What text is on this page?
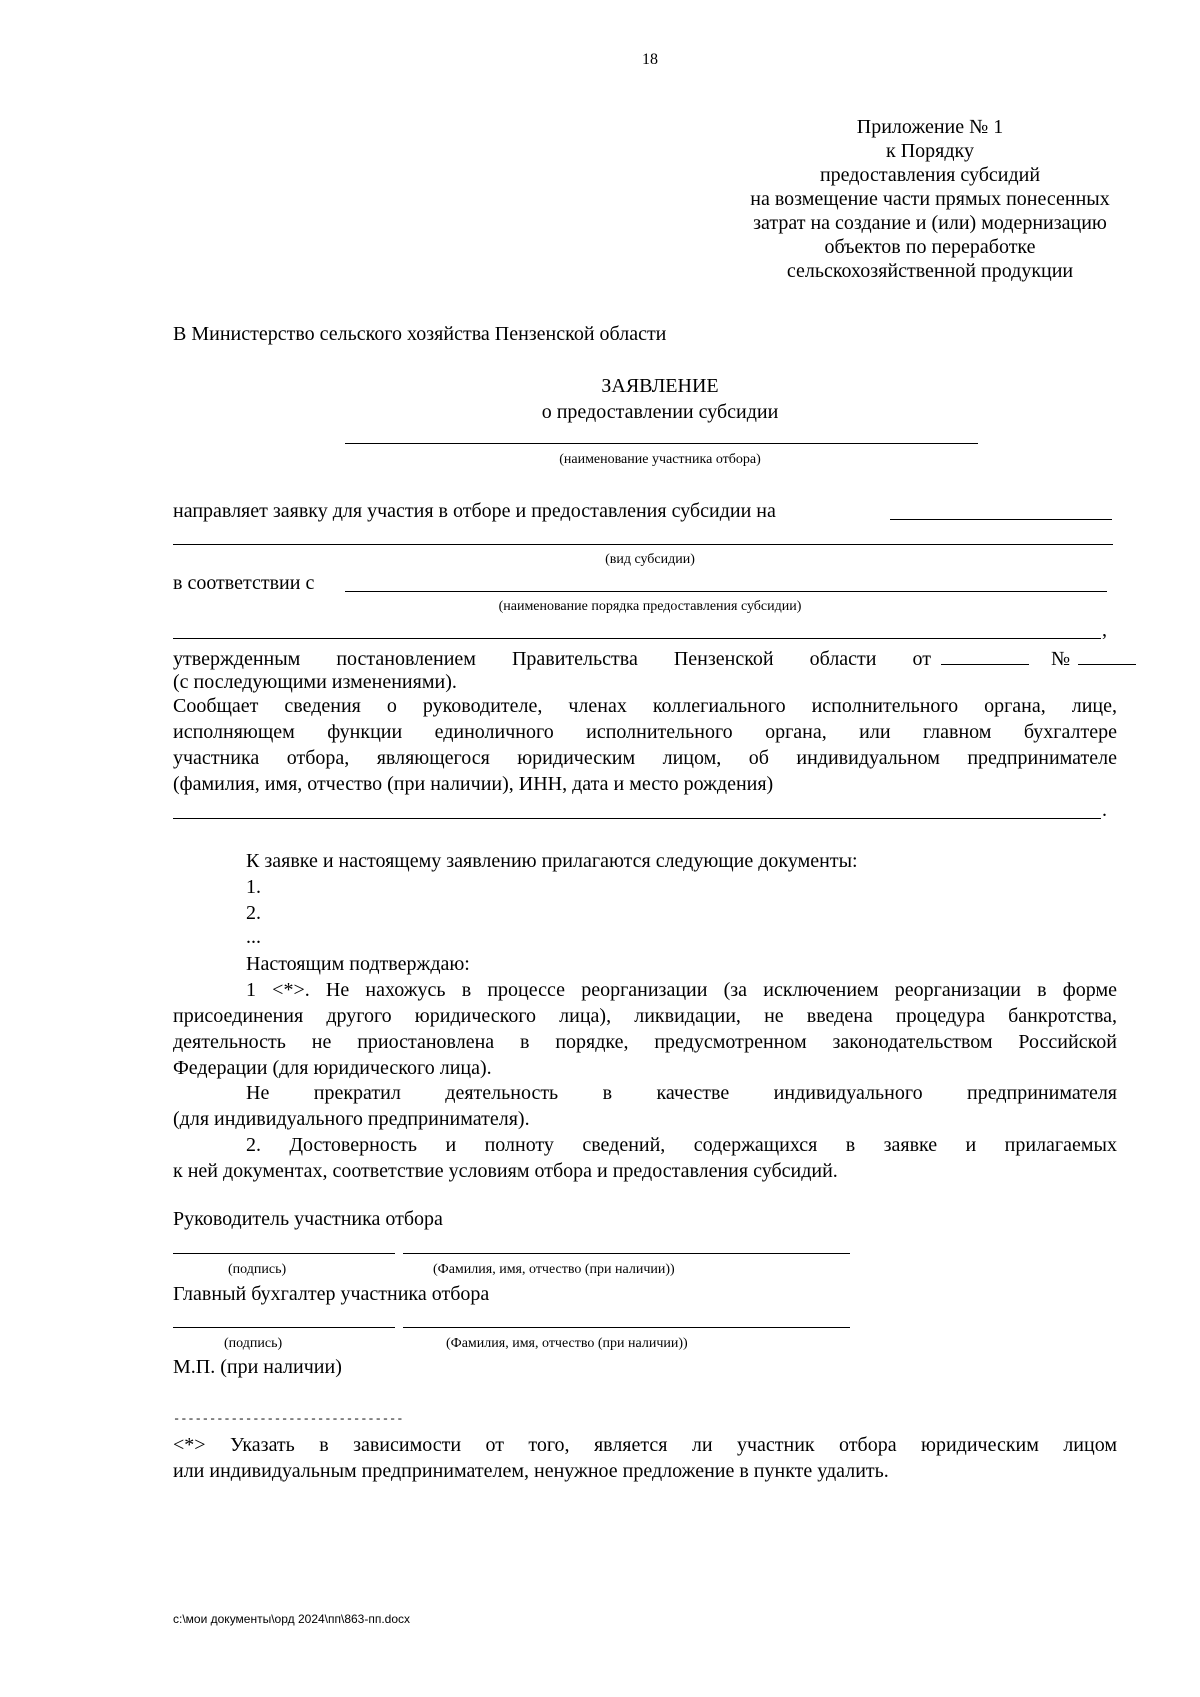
18
Приложение № 1
к Порядку
предоставления субсидий
на возмещение части прямых понесенных
затрат на создание и (или) модернизацию
объектов по переработке
сельскохозяйственной продукции
В Министерство сельского хозяйства Пензенской области
ЗАЯВЛЕНИЕ
о предоставлении субсидии
(наименование участника отбора)
направляет заявку для участия в отборе и предоставления субсидии на
(вид субсидии)
в соответствии с
(наименование порядка предоставления субсидии)
,
утвержденным постановлением Правительства Пензенской области от	№
(с последующими изменениями).
Сообщает сведения о руководителе, членах коллегиального исполнительного органа, лице,
исполняющем функции единоличного исполнительного органа, или главном бухгалтере
участника отбора, являющегося юридическим лицом, об индивидуальном предпринимателе
(фамилия, имя, отчество (при наличии), ИНН, дата и место рождения)
.
К заявке и настоящему заявлению прилагаются следующие документы:
1.
2.
...
Настоящим подтверждаю:
1 <*>. Не нахожусь в процессе реорганизации (за исключением реорганизации в форме
присоединения другого юридического лица), ликвидации, не введена процедура банкротства,
деятельность не приостановлена в порядке, предусмотренном законодательством Российской
Федерации (для юридического лица).
Не прекратил деятельность в качестве индивидуального предпринимателя
(для индивидуального предпринимателя).
2. Достоверность и полноту сведений, содержащихся в заявке и прилагаемых
к ней документах, соответствие условиям отбора и предоставления субсидий.
Руководитель участника отбора
(подпись)	(Фамилия, имя, отчество (при наличии))
Главный бухгалтер участника отбора
(подпись)	(Фамилия, имя, отчество (при наличии))
М.П. (при наличии)
--------------------------------
<*> Указать в зависимости от того, является ли участник отбора юридическим лицом
или индивидуальным предпринимателем, ненужное предложение в пункте удалить.
c:\мои документы\орд 2024\пп\863-пп.docx
